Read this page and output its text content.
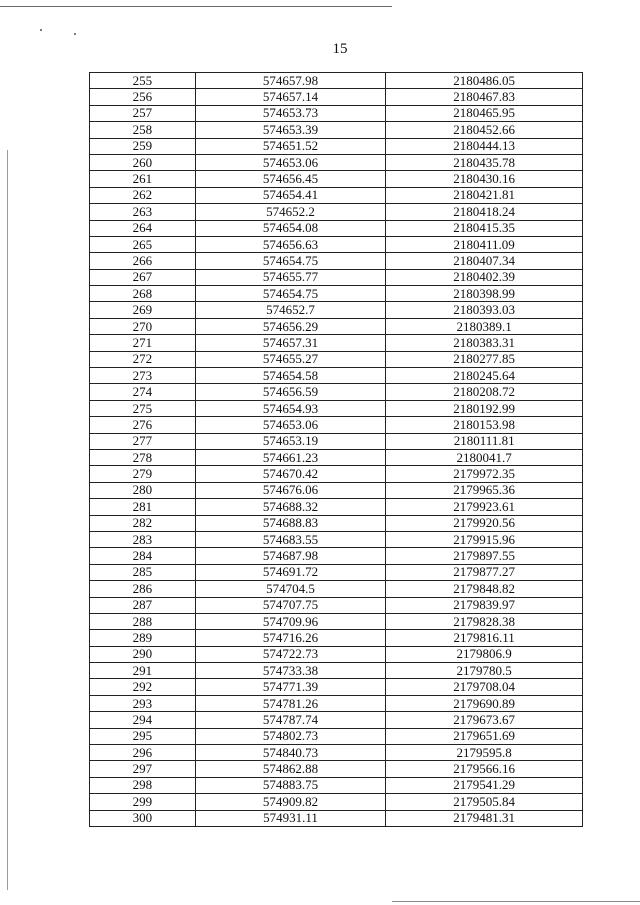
15
255	574657.98	2180486.05
256	574657.14	2180467.83
257	574653.73	2180465.95
258	574653.39	2180452.66
259	574651.52	2180444.13
260	574653.06	2180435.78
261	574656.45	2180430.16
262	574654.41	2180421.81
263	574652.2	2180418.24
264	574654.08	2180415.35
265	574656.63	2180411.09
266	574654.75	2180407.34
267	574655.77	2180402.39
268	574654.75	2180398.99
269	574652.7	2180393.03
270	574656.29	2180389.1
271	574657.31	2180383.31
272	574655.27	2180277.85
273	574654.58	2180245.64
274	574656.59	2180208.72
275	574654.93	2180192.99
276	574653.06	2180153.98
277	574653.19	2180111.81
278	574661.23	2180041.7
279	574670.42	2179972.35
280	574676.06	2179965.36
281	574688.32	2179923.61
282	574688.83	2179920.56
283	574683.55	2179915.96
284	574687.98	2179897.55
285	574691.72	2179877.27
286	574704.5	2179848.82
287	574707.75	2179839.97
288	574709.96	2179828.38
289	574716.26	2179816.11
290	574722.73	2179806.9
291	574733.38	2179780.5
292	574771.39	2179708.04
293	574781.26	2179690.89
294	574787.74	2179673.67
295	574802.73	2179651.69
296	574840.73	2179595.8
297	574862.88	2179566.16
298	574883.75	2179541.29
299	574909.82	2179505.84
300	574931.11	2179481.31
